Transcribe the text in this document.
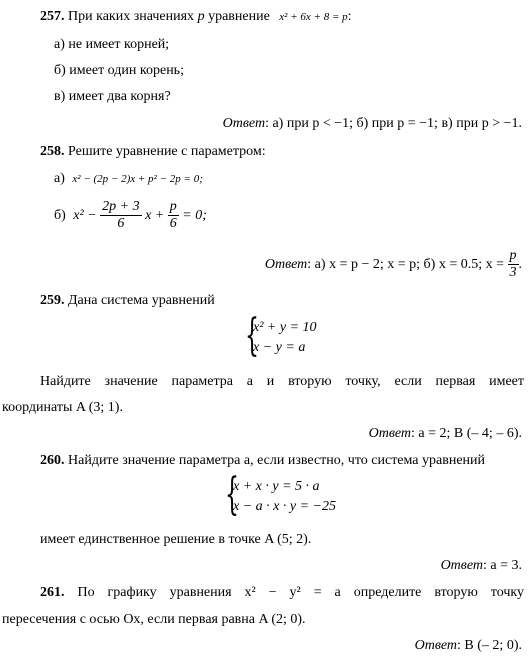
257. При каких значениях p уравнение x² + 6x + 8 = p:
а) не имеет корней;
б) имеет один корень;
в) имеет два корня?
Ответ: а) при p < −1; б) при p = −1; в) при p > −1.
258. Решите уравнение с параметром:
а) x² − (2p − 2)x + p² − 2p = 0;
б) $x^2 - \frac{2p + 3}{6}$ $x + \frac{p}{6} = 0$;
Ответ: а) x = p − 2; x = p; б) x = 0.5; $x = \frac{p}{3}$ .
259. Дана система уравнений
{
x² + y = 10
x − y = a
Найдите значение параметра a и вторую точку, если первая имеет
координаты A (3; 1).
Ответ: a = 2; B (– 4; – 6).
260. Найдите значение параметра a, если известно, что система уравнений
{
x + x · y = 5 · a
x − a · x · y = −25
имеет единственное решение в точке A (5; 2).
Ответ: a = 3.
261. По графику уравнения x² − y² = a определите вторую точку
пересечения с осью Ox, если первая равна A (2; 0).
Ответ: B (– 2; 0).
